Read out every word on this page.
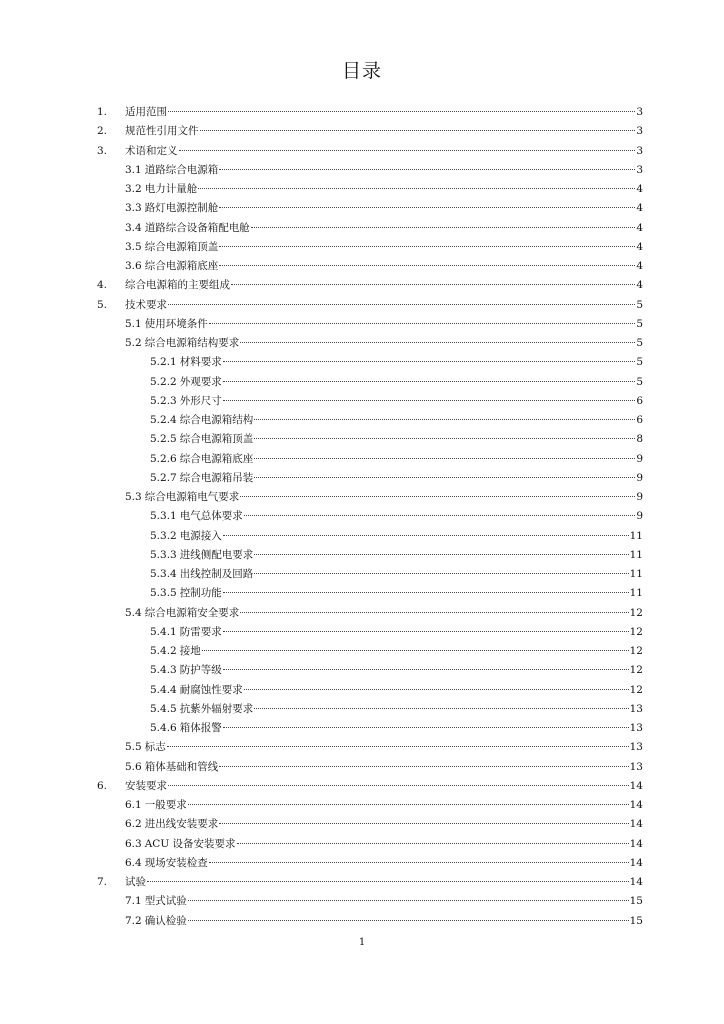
目录
1.	适用范围	3
2.	规范性引用文件	3
3.	术语和定义	3
3.1 道路综合电源箱	3
3.2 电力计量舱	4
3.3 路灯电源控制舱	4
3.4 道路综合设备箱配电舱	4
3.5 综合电源箱顶盖	4
3.6 综合电源箱底座	4
4.	综合电源箱的主要组成	4
5.	技术要求	5
5.1 使用环境条件	5
5.2 综合电源箱结构要求	5
5.2.1 材料要求	5
5.2.2 外观要求	5
5.2.3 外形尺寸	6
5.2.4 综合电源箱结构	6
5.2.5 综合电源箱顶盖	8
5.2.6 综合电源箱底座	9
5.2.7 综合电源箱吊装	9
5.3 综合电源箱电气要求	9
5.3.1 电气总体要求	9
5.3.2 电源接入	11
5.3.3 进线侧配电要求	11
5.3.4 出线控制及回路	11
5.3.5 控制功能	11
5.4 综合电源箱安全要求	12
5.4.1 防雷要求	12
5.4.2 接地	12
5.4.3 防护等级	12
5.4.4 耐腐蚀性要求	12
5.4.5 抗紫外辐射要求	13
5.4.6 箱体报警	13
5.5 标志	13
5.6 箱体基础和管线	13
6.	安装要求	14
6.1 一般要求	14
6.2 进出线安装要求	14
6.3 ACU 设备安装要求	14
6.4 现场安装检查	14
7.	试验	14
7.1 型式试验	15
7.2 确认检验	15
1
